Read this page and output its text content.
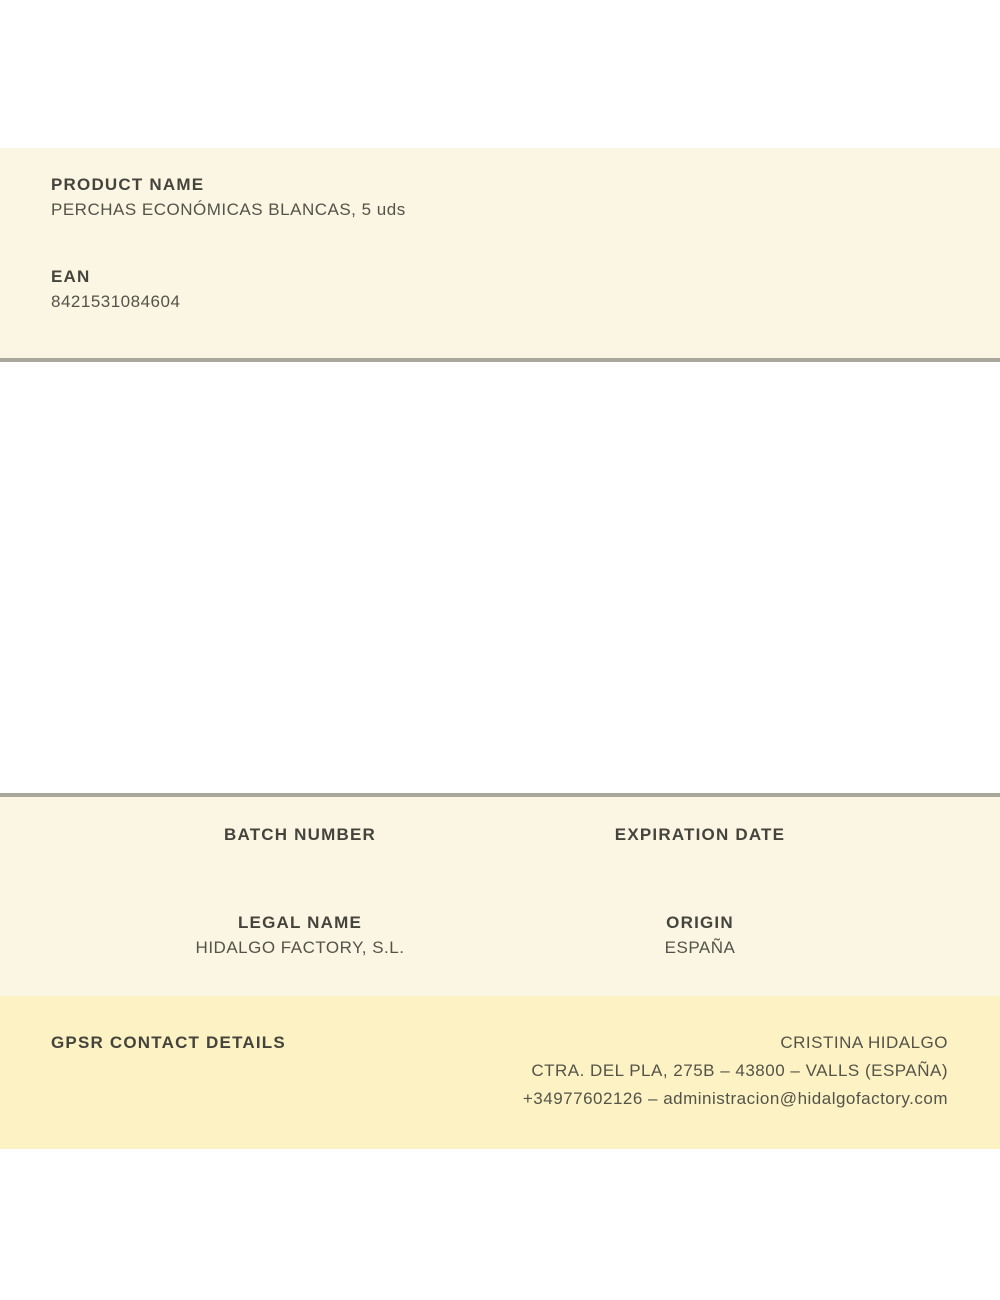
PRODUCT NAME
PERCHAS ECONÓMICAS BLANCAS, 5 uds
EAN
8421531084604
BATCH NUMBER
LEGAL NAME
HIDALGO FACTORY, S.L.
EXPIRATION DATE
ORIGIN
ESPAÑA
GPSR CONTACT DETAILS	CRISTINA HIDALGO
CTRA. DEL PLA, 275B – 43800 – VALLS (ESPAÑA)
+34977602126 – administracion@hidalgofactory.com
